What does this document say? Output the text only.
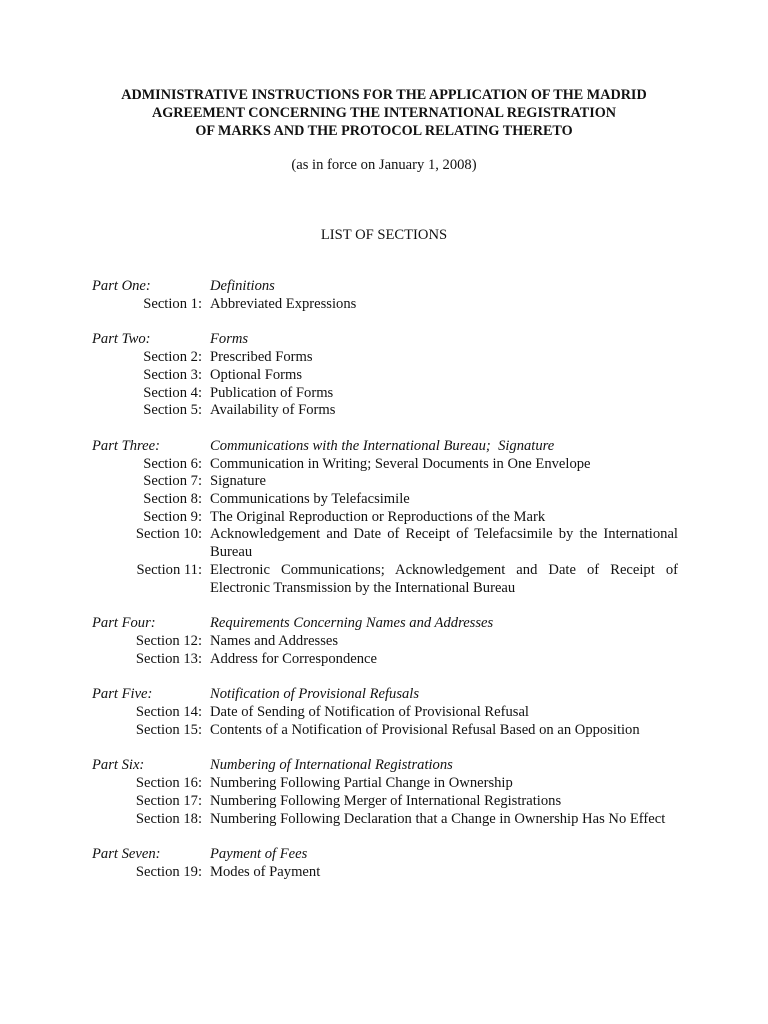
ADMINISTRATIVE INSTRUCTIONS FOR THE APPLICATION OF THE MADRID
AGREEMENT CONCERNING THE INTERNATIONAL REGISTRATION
OF MARKS AND THE PROTOCOL RELATING THERETO
(as in force on January 1, 2008)
LIST OF SECTIONS
Part One:	Definitions
Section 1: Abbreviated Expressions
Part Two:	Forms
Section 2: Prescribed Forms
Section 3: Optional Forms
Section 4: Publication of Forms
Section 5: Availability of Forms
Part Three:	Communications with the International Bureau;  Signature
Section 6: Communication in Writing; Several Documents in One Envelope
Section 7: Signature
Section 8: Communications by Telefacsimile
Section 9: The Original Reproduction or Reproductions of the Mark
Section 10: Acknowledgement and Date of Receipt of Telefacsimile by the International Bureau
Section 11: Electronic Communications; Acknowledgement and Date of Receipt of Electronic Transmission by the International Bureau
Part Four:	Requirements Concerning Names and Addresses
Section 12: Names and Addresses
Section 13: Address for Correspondence
Part Five:	Notification of Provisional Refusals
Section 14: Date of Sending of Notification of Provisional Refusal
Section 15: Contents of a Notification of Provisional Refusal Based on an Opposition
Part Six:	Numbering of International Registrations
Section 16: Numbering Following Partial Change in Ownership
Section 17: Numbering Following Merger of International Registrations
Section 18: Numbering Following Declaration that a Change in Ownership Has No Effect
Part Seven:	Payment of Fees
Section 19: Modes of Payment
